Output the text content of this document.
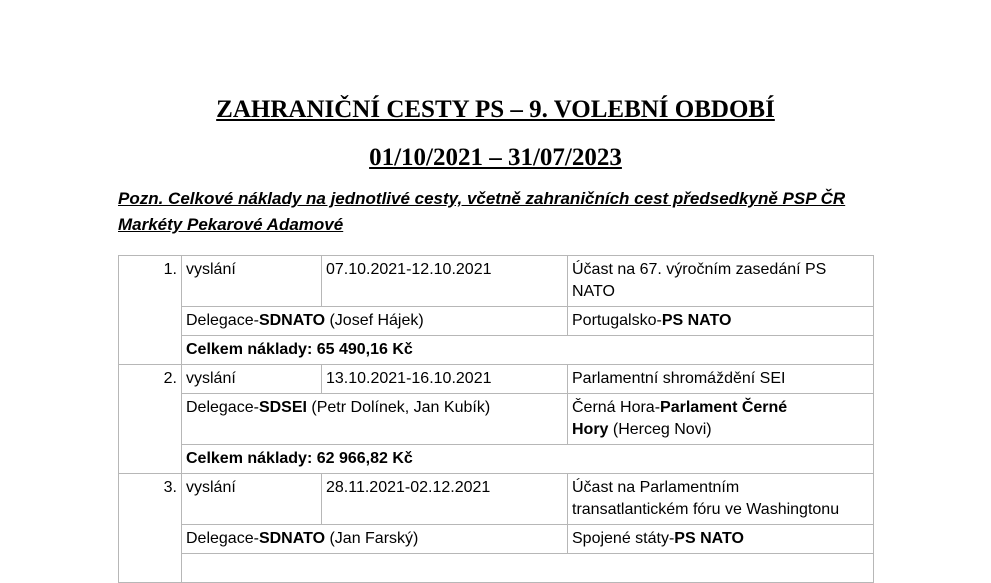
ZAHRANIČNÍ CESTY PS – 9. VOLEBNÍ OBDOBÍ
01/10/2021 – 31/07/2023
Pozn. Celkové náklady na jednotlivé cesty, včetně zahraničních cest předsedkyně PSP ČR
Markéty Pekarové Adamové
1.	vyslání	07.10.2021-12.10.2021	Účast na 67. výročním zasedání PS
NATO

	Delegace-SDNATO (Josef Hájek)		Portugalsko-PS NATO
	Celkem náklady: 65 490,16 Kč		
2.	vyslání	13.10.2021-16.10.2021	Parlamentní shromáždění SEI
	Delegace-SDSEI (Petr Dolínek, Jan Kubík)		Černá Hora-Parlament Černé
Hory (Herceg Novi)

	Celkem náklady: 62 966,82 Kč		
3.	vyslání	28.11.2021-02.12.2021	Účast na Parlamentním
transatlantickém fóru ve Washingtonu

	Delegace-SDNATO (Jan Farský)		Spojené státy-PS NATO
